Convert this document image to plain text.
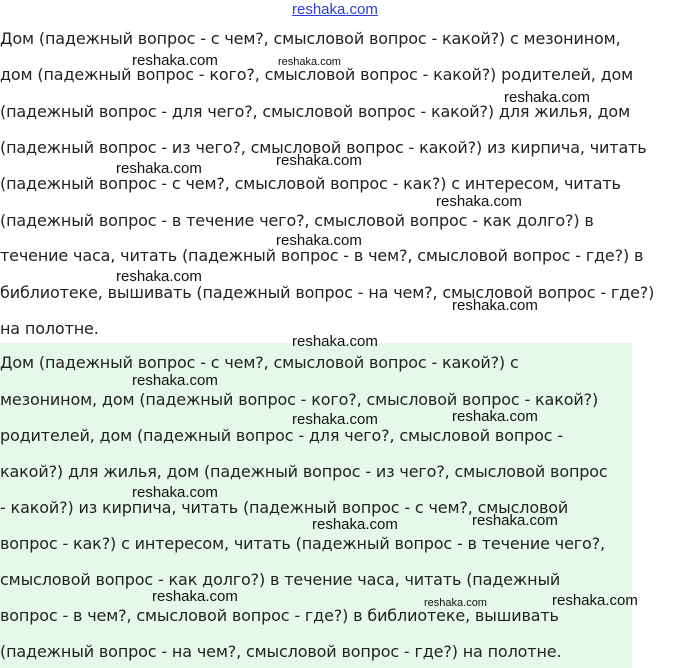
reshaka.com
Дом (падежный вопрос - с чем?, смысловой вопрос - какой?) с мезонином,
дом (падежный вопрос - кого?, смысловой вопрос - какой?) родителей, дом
(падежный вопрос - для чего?, смысловой вопрос - какой?) для жилья, дом
(падежный вопрос - из чего?, смысловой вопрос - какой?) из кирпича, читать
(падежный вопрос - с чем?, смысловой вопрос - как?) с интересом, читать
(падежный вопрос - в течение чего?, смысловой вопрос - как долго?) в
течение часа, читать (падежный вопрос - в чем?, смысловой вопрос - где?) в
библиотеке, вышивать (падежный вопрос - на чем?, смысловой вопрос - где?)
на полотне.
Дом (падежный вопрос - с чем?, смысловой вопрос - какой?) с
мезонином, дом (падежный вопрос - кого?, смысловой вопрос - какой?)
родителей, дом (падежный вопрос - для чего?, смысловой вопрос -
какой?) для жилья, дом (падежный вопрос - из чего?, смысловой вопрос
- какой?) из кирпича, читать (падежный вопрос - с чем?, смысловой
вопрос - как?) с интересом, читать (падежный вопрос - в течение чего?,
смысловой вопрос - как долго?) в течение часа, читать (падежный
вопрос - в чем?, смысловой вопрос - где?) в библиотеке, вышивать
(падежный вопрос - на чем?, смысловой вопрос - где?) на полотне.
reshaka.com	reshaka.com
reshaka.com
reshaka.com
reshaka.com
reshaka.com
reshaka.com
reshaka.com
reshaka.com
reshaka.com
reshaka.com
reshaka.com	reshaka.com
reshaka.com
reshaka.com	reshaka.com
reshaka.com	reshaka.com	reshaka.com
